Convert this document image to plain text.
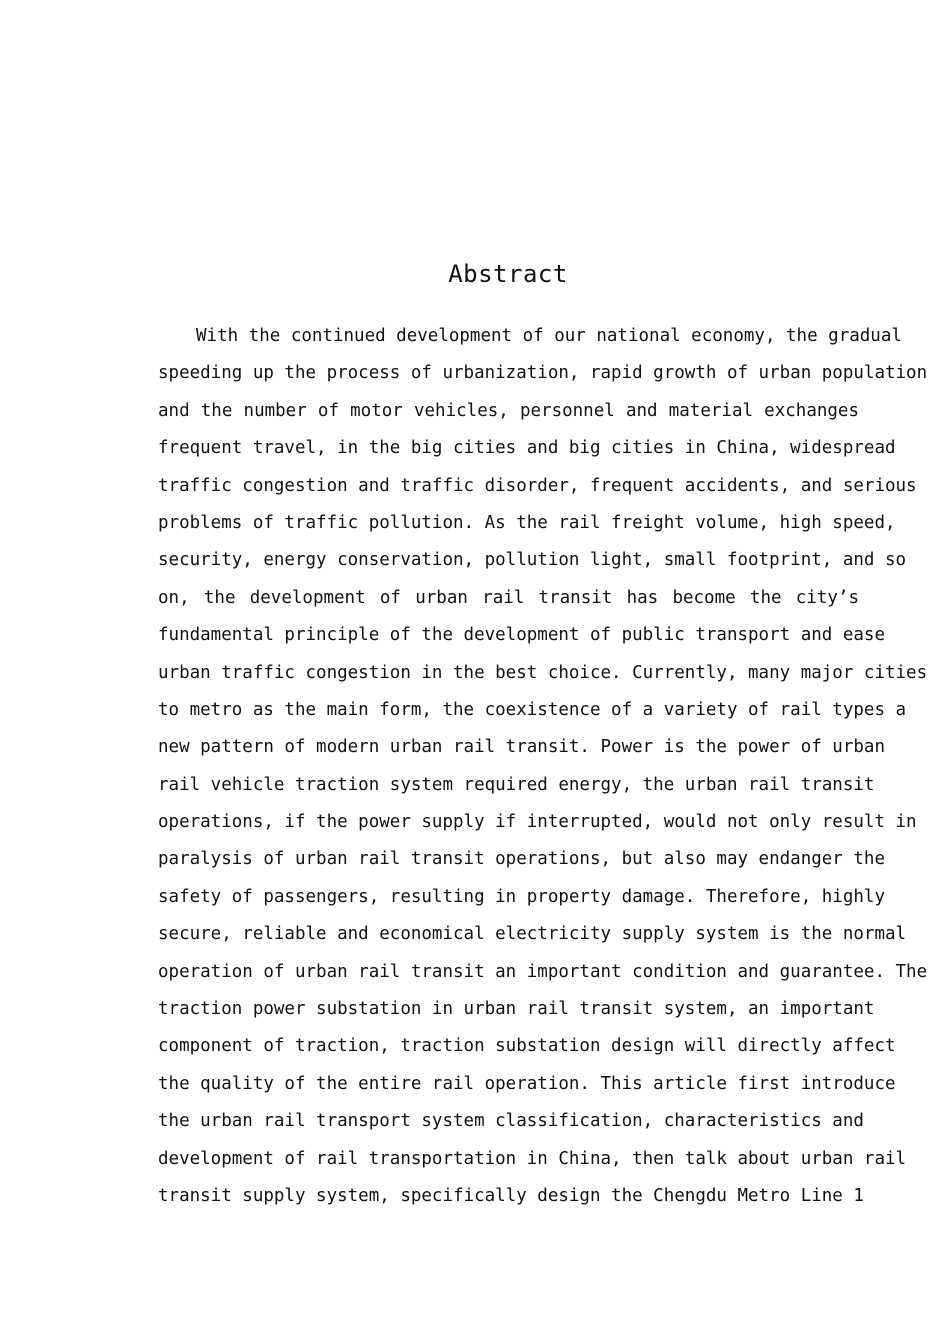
Abstract
With the continued development of our national economy, the gradual
speeding up the process of urbanization, rapid growth of urban population
and the number of motor vehicles, personnel and material exchanges
frequent travel, in the big cities and big cities in China, widespread
traffic congestion and traffic disorder, frequent accidents, and serious
problems of traffic pollution. As the rail freight volume, high speed,
security, energy conservation, pollution light, small footprint, and so
on, the development of urban rail transit has become the city’s
fundamental principle of the development of public transport and ease
urban traffic congestion in the best choice. Currently, many major cities
to metro as the main form, the coexistence of a variety of rail types a
new pattern of modern urban rail transit. Power is the power of urban
rail vehicle traction system required energy, the urban rail transit
operations, if the power supply if interrupted, would not only result in
paralysis of urban rail transit operations, but also may endanger the
safety of passengers, resulting in property damage. Therefore, highly
secure, reliable and economical electricity supply system is the normal
operation of urban rail transit an important condition and guarantee. The
traction power substation in urban rail transit system, an important
component of traction, traction substation design will directly affect
the quality of the entire rail operation. This article first introduce
the urban rail transport system classification, characteristics and
development of rail transportation in China, then talk about urban rail
transit supply system, specifically design the Chengdu Metro Line 1
